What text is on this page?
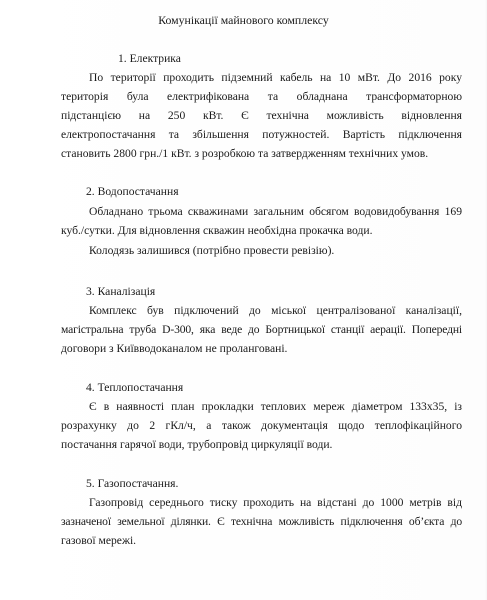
Комунікації майнового комплексу
1. Електрика

По території проходить підземний кабель на 10 мВт. До 2016 року

територія була електрифікована та обладнана трансформаторною

підстанцією на 250 кВт. Є технічна можливість відновлення

електропостачання та збільшення потужностей. Вартість підключення

становить 2800 грн./1 кВт. з розробкою та затвердженням технічних умов.

2. Водопостачання

Обладнано трьома скважинами загальним обсягом водовидобування 169

куб./сутки. Для відновлення скважин необхідна прокачка води.

Колодязь залишився (потрібно провести ревізію).

3. Каналізація

Комплекс був підключений до міської централізованої каналізації,

магістральна труба D-300, яка веде до Бортницької станції аерації. Попередні

договори з Київводоканалом не проланговані.

4. Теплопостачання

Є в наявності план прокладки теплових мереж діаметром 133х35, із

розрахунку до 2 гКл/ч, а також документація щодо теплофікаційного

постачання гарячої води, трубопровід циркуляції води.

5. Газопостачання.

Газопровід середнього тиску проходить на відстані до 1000 метрів від

зазначеної земельної ділянки. Є технічна можливість підключення об’єкта до

газової мережі.
